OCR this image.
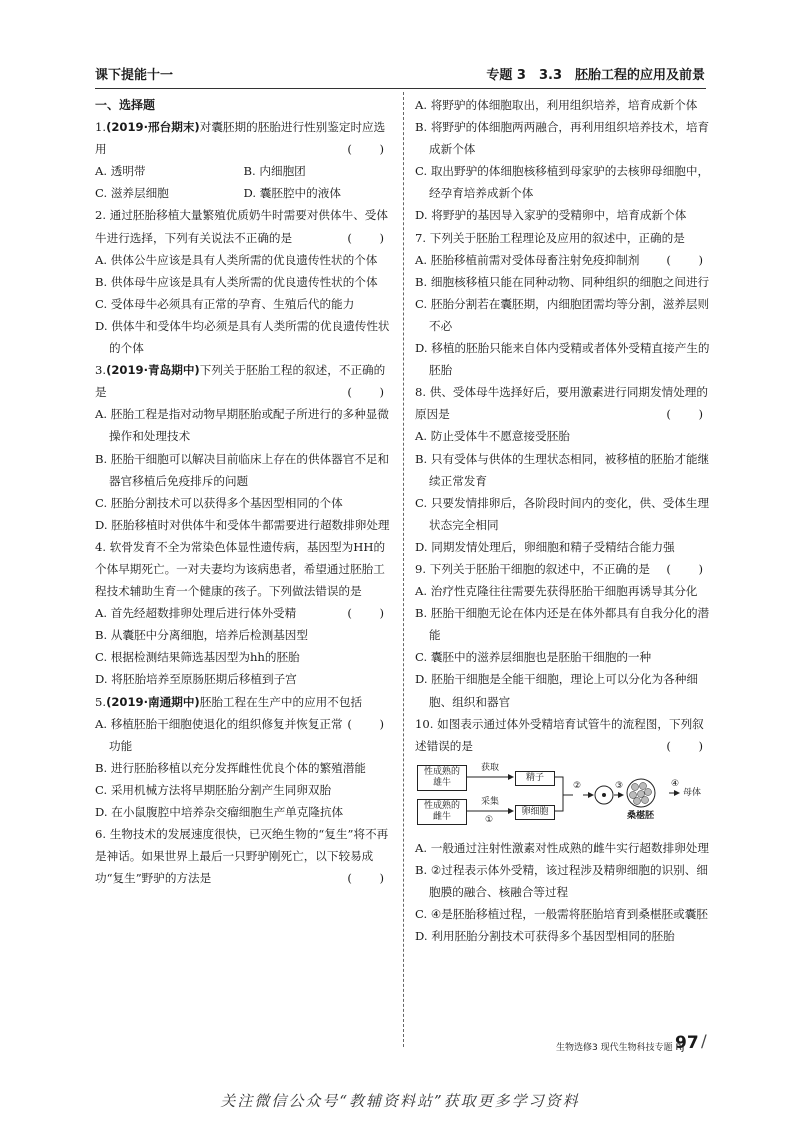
课下提能十一	专题 3　3.3　胚胎工程的应用及前景
一、选择题
1.(2019·邢台期末)对囊胚期的胚胎进行性别鉴定时应选用	(　)
A. 透明带	B. 内细胞团
C. 滋养层细胞	D. 囊胚腔中的液体
2. 通过胚胎移植大量繁殖优质奶牛时需要对供体牛、受体牛进行选择，下列有关说法不正确的是	(　)
A. 供体公牛应该是具有人类所需的优良遗传性状的个体
B. 供体母牛应该是具有人类所需的优良遗传性状的个体
C. 受体母牛必须具有正常的孕育、生殖后代的能力
D. 供体牛和受体牛均必须是具有人类所需的优良遗传性状的个体
3.(2019·青岛期中)下列关于胚胎工程的叙述，不正确的是	(　)
A. 胚胎工程是指对动物早期胚胎或配子所进行的多种显微操作和处理技术
B. 胚胎干细胞可以解决目前临床上存在的供体器官不足和器官移植后免疫排斥的问题
C. 胚胎分割技术可以获得多个基因型相同的个体
D. 胚胎移植时对供体牛和受体牛都需要进行超数排卵处理
4. 软骨发育不全为常染色体显性遗传病，基因型为HH的个体早期死亡。一对夫妻均为该病患者，希望通过胚胎工程技术辅助生育一个健康的孩子。下列做法错误的是
(　)
A. 首先经超数排卵处理后进行体外受精
B. 从囊胚中分离细胞，培养后检测基因型
C. 根据检测结果筛选基因型为hh的胚胎
D. 将胚胎培养至原肠胚期后移植到子宫
5.(2019·南通期中)胚胎工程在生产中的应用不包括
(　)
A. 移植胚胎干细胞使退化的组织修复并恢复正常功能
B. 进行胚胎移植以充分发挥雌性优良个体的繁殖潜能
C. 采用机械方法将早期胚胎分割产生同卵双胎
D. 在小鼠腹腔中培养杂交瘤细胞生产单克隆抗体
6. 生物技术的发展速度很快，已灭绝生物的“复生”将不再是神话。如果世界上最后一只野驴刚死亡，以下较易成功“复生”野驴的方法是	(　)
A. 将野驴的体细胞取出，利用组织培养，培育成新个体
B. 将野驴的体细胞两两融合，再利用组织培养技术，培育成新个体
C. 取出野驴的体细胞核移植到母家驴的去核卵母细胞中，经孕育培养成新个体
D. 将野驴的基因导入家驴的受精卵中，培育成新个体
7. 下列关于胚胎工程理论及应用的叙述中，正确的是
(　)
A. 胚胎移植前需对受体母畜注射免疫抑制剂
B. 细胞核移植只能在同种动物、同种组织的细胞之间进行
C. 胚胎分割若在囊胚期，内细胞团需均等分割，滋养层则不必
D. 移植的胚胎只能来自体内受精或者体外受精直接产生的胚胎
8. 供、受体母牛选择好后，要用激素进行同期发情处理的原因是	(　)
A. 防止受体牛不愿意接受胚胎
B. 只有受体与供体的生理状态相同，被移植的胚胎才能继续正常发育
C. 只要发情排卵后，各阶段时间内的变化，供、受体生理状态完全相同
D. 同期发情处理后，卵细胞和精子受精结合能力强
9. 下列关于胚胎干细胞的叙述中，不正确的是 (　)
A. 治疗性克隆往往需要先获得胚胎干细胞再诱导其分化
B. 胚胎干细胞无论在体内还是在体外都具有自我分化的潜能
C. 囊胚中的滋养层细胞也是胚胎干细胞的一种
D. 胚胎干细胞是全能干细胞，理论上可以分化为各种细胞、组织和器官
10. 如图表示通过体外受精培育试管牛的流程图，下列叙述错误的是	(　)
性成熟的雄牛
性成熟的雌牛
获取
采集
①
精子
卵细胞
②	③
桑椹胚
④
母体
A. 一般通过注射性激素对性成熟的雌牛实行超数排卵处理
B. ②过程表示体外受精，该过程涉及精卵细胞的识别、细胞膜的融合、核融合等过程
C. ④是胚胎移植过程，一般需将胚胎培育到桑椹胚或囊胚
D. 利用胚胎分割技术可获得多个基因型相同的胚胎
生物选修3 现代生物科技专题 RJ
97 /
关注微信公众号“教辅资料站”获取更多学习资料
